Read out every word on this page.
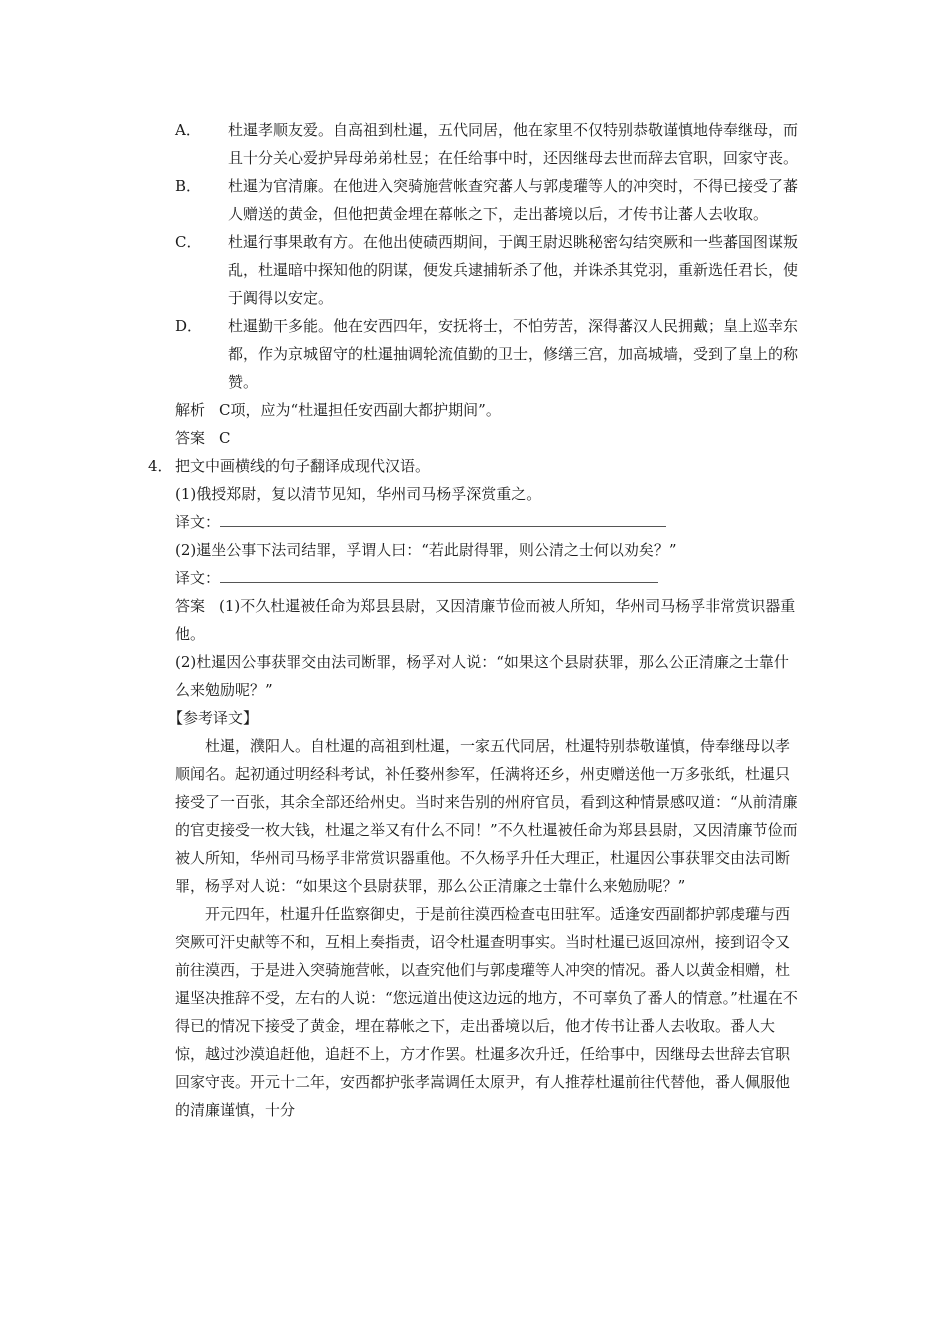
A．	杜暹孝顺友爱。自高祖到杜暹，五代同居，他在家里不仅特别恭敬谨慎地侍奉继母，而且十分关心爱护异母弟弟杜昱；在任给事中时，还因继母去世而辞去官职，回家守丧。
B．	杜暹为官清廉。在他进入突骑施营帐查究蕃人与郭虔瓘等人的冲突时，不得已接受了蕃人赠送的黄金，但他把黄金埋在幕帐之下，走出蕃境以后，才传书让蕃人去收取。
C．	杜暹行事果敢有方。在他出使碛西期间，于阗王尉迟眺秘密勾结突厥和一些蕃国图谋叛乱，杜暹暗中探知他的阴谋，便发兵逮捕斩杀了他，并诛杀其党羽，重新选任君长，使于阗得以安定。
D．	杜暹勤干多能。他在安西四年，安抚将士，不怕劳苦，深得蕃汉人民拥戴；皇上巡幸东都，作为京城留守的杜暹抽调轮流值勤的卫士，修缮三宫，加高城墙，受到了皇上的称赞。
解析 C项，应为“杜暹担任安西副大都护期间”。
答案 C
4． 把文中画横线的句子翻译成现代汉语。
(1)俄授郑尉，复以清节见知，华州司马杨孚深赏重之。
译文：
(2)暹坐公事下法司结罪，孚谓人曰：“若此尉得罪，则公清之士何以劝矣？”
译文：
答案 (1)不久杜暹被任命为郑县县尉，又因清廉节俭而被人所知，华州司马杨孚非常赏识器重他。
(2)杜暹因公事获罪交由法司断罪，杨孚对人说：“如果这个县尉获罪，那么公正清廉之士靠什么来勉励呢？”
【参考译文】
杜暹，濮阳人。自杜暹的高祖到杜暹，一家五代同居，杜暹特别恭敬谨慎，侍奉继母以孝顺闻名。起初通过明经科考试，补任婺州参军，任满将还乡，州吏赠送他一万多张纸，杜暹只接受了一百张，其余全部还给州史。当时来告别的州府官员，看到这种情景感叹道：“从前清廉的官吏接受一枚大钱，杜暹之举又有什么不同！”不久杜暹被任命为郑县县尉，又因清廉节俭而被人所知，华州司马杨孚非常赏识器重他。不久杨孚升任大理正，杜暹因公事获罪交由法司断罪，杨孚对人说：“如果这个县尉获罪，那么公正清廉之士靠什么来勉励呢？”
开元四年，杜暹升任监察御史，于是前往漠西检查屯田驻军。适逢安西副都护郭虔瓘与西突厥可汗史献等不和，互相上奏指责，诏令杜暹查明事实。当时杜暹已返回凉州，接到诏令又前往漠西，于是进入突骑施营帐，以查究他们与郭虔瓘等人冲突的情况。番人以黄金相赠，杜暹坚决推辞不受，左右的人说：“您远道出使这边远的地方，不可辜负了番人的情意。”杜暹在不得已的情况下接受了黄金，埋在幕帐之下，走出番境以后，他才传书让番人去收取。番人大惊，越过沙漠追赶他，追赶不上，方才作罢。杜暹多次升迁，任给事中，因继母去世辞去官职回家守丧。开元十二年，安西都护张孝嵩调任太原尹，有人推荐杜暹前往代替他，番人佩服他的清廉谨慎，十分
